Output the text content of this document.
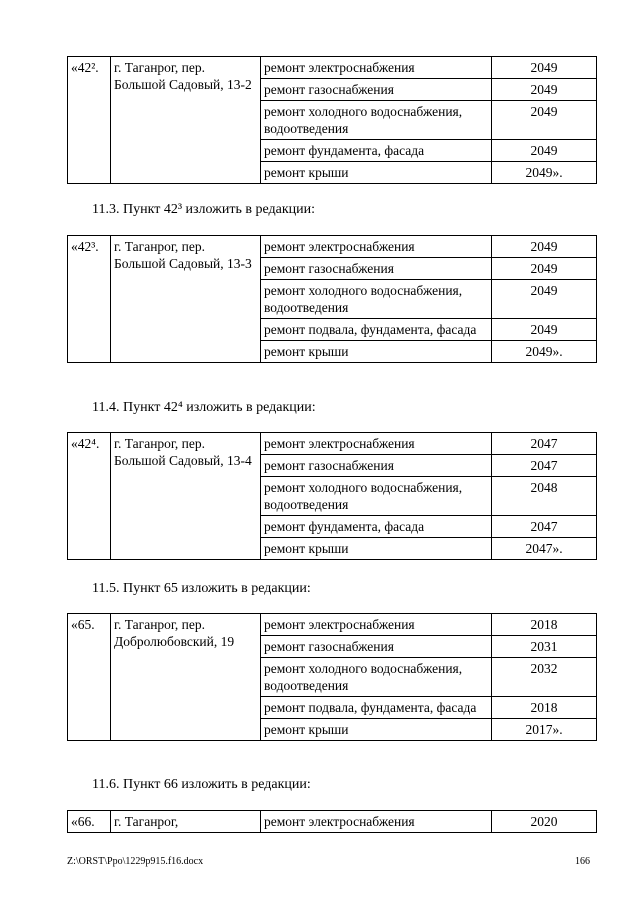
«42².	г. Таганрог, пер. Большой Садовый, 13-2	ремонт электроснабжения	2049
		ремонт газоснабжения	2049
		ремонт холодного водоснабжения, водоотведения	2049
		ремонт фундамента, фасада	2049
		ремонт крыши	2049».
11.3. Пункт 42³ изложить в редакции:
«42³.	г. Таганрог, пер. Большой Садовый, 13-3	ремонт электроснабжения	2049
		ремонт газоснабжения	2049
		ремонт холодного водоснабжения, водоотведения	2049
		ремонт подвала, фундамента, фасада	2049
		ремонт крыши	2049».
11.4. Пункт 42⁴ изложить в редакции:
«42⁴.	г. Таганрог, пер. Большой Садовый, 13-4	ремонт электроснабжения	2047
		ремонт газоснабжения	2047
		ремонт холодного водоснабжения, водоотведения	2048
		ремонт фундамента, фасада	2047
		ремонт крыши	2047».
11.5. Пункт 65 изложить в редакции:
«65.	г. Таганрог, пер. Добролюбовский, 19	ремонт электроснабжения	2018
		ремонт газоснабжения	2031
		ремонт холодного водоснабжения, водоотведения	2032
		ремонт подвала, фундамента, фасада	2018
		ремонт крыши	2017».
11.6. Пункт 66 изложить в редакции:
«66.	г. Таганрог,	ремонт электроснабжения	2020
Z:\ORST\Ppo\1229p915.f16.docx	166
